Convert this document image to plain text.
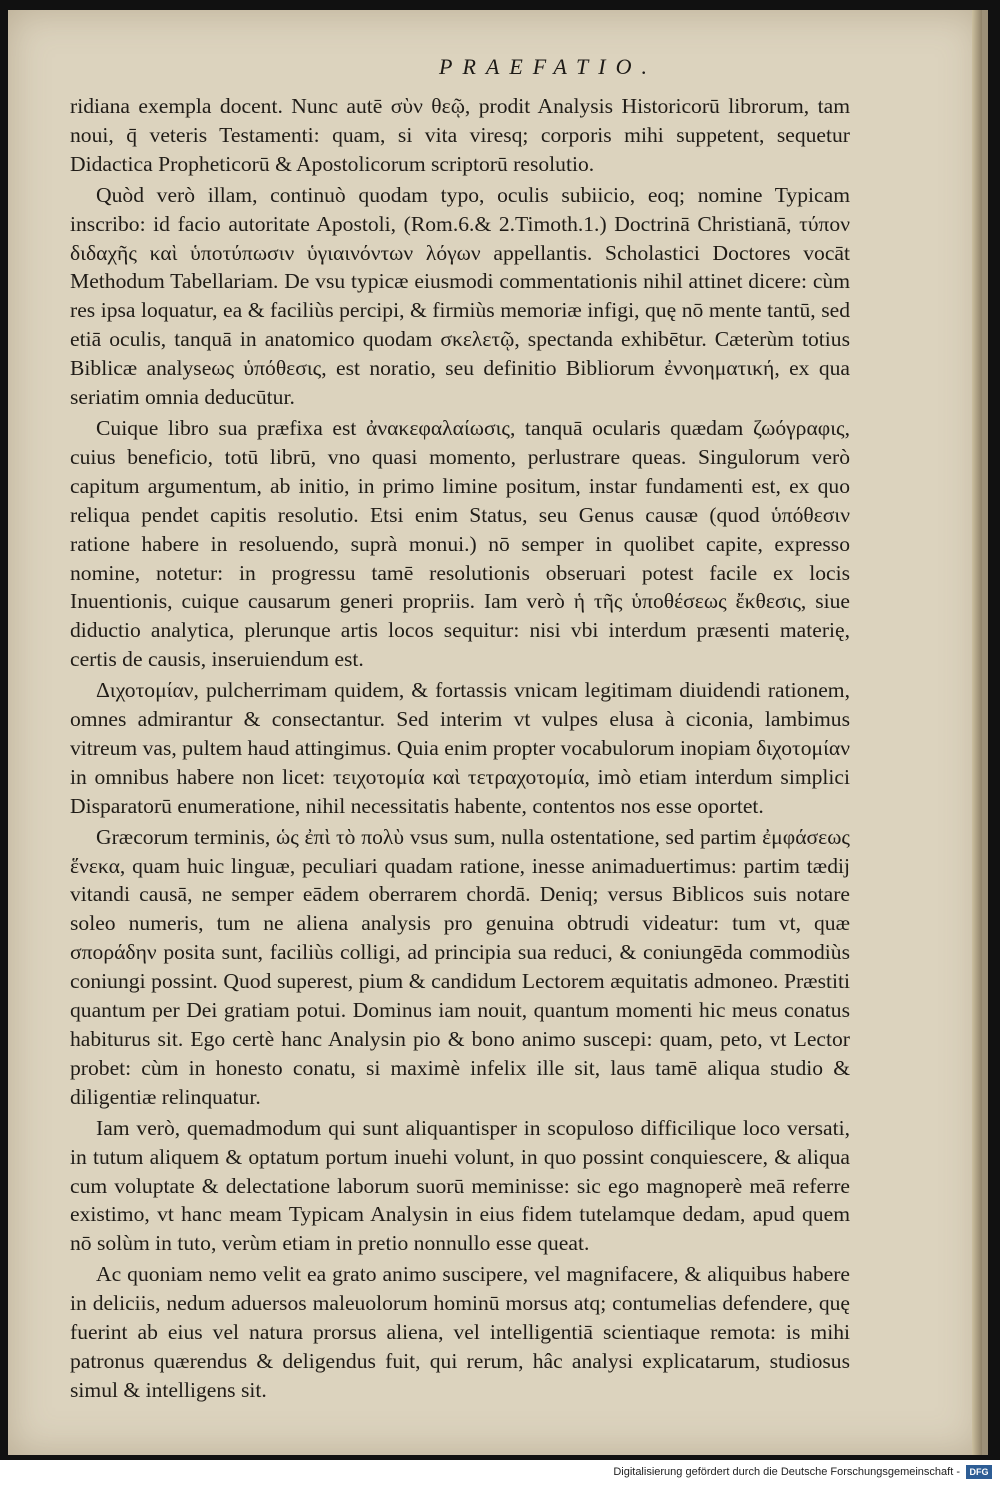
PRAEFATIO.

ridiana exempla docent. Nunc autē σὺν θεῷ, prodit Analysis Historicorū librorum, tam noui, q̄ veteris Testamenti: quam, si vita viresq; corporis mihi suppetent, sequetur Didactica Propheticorū & Apostolicorum scriptorū resolutio.

Quòd verò illam, continuò quodam typo, oculis subiicio, eoq; nomine Typicam inscribo: id facio autoritate Apostoli, (Rom.6.& 2.Timoth.1.) Doctrinā Christianā, τύπον διδαχῆς καὶ ὑποτύπωσιν ὑγιαινόντων λόγων appellantis. Scholastici Doctores vocāt Methodum Tabellariam. De vsu typicæ eiusmodi commentationis nihil attinet dicere: cùm res ipsa loquatur, ea & faciliùs percipi, & firmiùs memoriæ infigi, quę nō mente tantū, sed etiā oculis, tanquā in anatomico quodam σκελετῷ, spectanda exhibētur. Cæterùm totius Biblicæ analyseως ὑπόθεσις, est noratio, seu definitio Bibliorum ἐννοηματική, ex qua seriatim omnia deducūtur.

Cuique libro sua præfixa est ἀνακεφαλαίωσις, tanquā ocularis quædam ζωόγραφις, cuius beneficio, totū librū, vno quasi momento, perlustrare queas. Singulorum verò capitum argumentum, ab initio, in primo limine positum, instar fundamenti est, ex quo reliqua pendet capitis resolutio. Etsi enim Status, seu Genus causæ (quod ὑπόθεσιν ratione habere in resoluendo, suprà monui.) nō semper in quolibet capite, expresso nomine, notetur: in progressu tamē resolutionis obseruari potest facile ex locis Inuentionis, cuique causarum generi propriis. Iam verò ἡ τῆς ὑποθέσεως ἔκθεσις, siue diductio analytica, plerunque artis locos sequitur: nisi vbi interdum præsenti materię, certis de causis, inseruiendum est.

Διχοτομίαν, pulcherrimam quidem, & fortassis vnicam legitimam diuidendi rationem, omnes admirantur & consectantur. Sed interim vt vulpes elusa à ciconia, lambimus vitreum vas, pultem haud attingimus. Quia enim propter vocabulorum inopiam διχοτομίαν in omnibus habere non licet: τειχοτομία καὶ τετραχοτομία, imò etiam interdum simplici Disparatorū enumeratione, nihil necessitatis habente, contentos nos esse oportet.

Græcorum terminis, ὡς ἐπὶ τὸ πολὺ vsus sum, nulla ostentatione, sed partim ἐμφάσεως ἕνεκα, quam huic linguæ, peculiari quadam ratione, inesse animaduertimus: partim tædij vitandi causā, ne semper eādem oberrarem chordā. Deniq; versus Biblicos suis notare soleo numeris, tum ne aliena analysis pro genuina obtrudi videatur: tum vt, quæ σποράδην posita sunt, faciliùs colligi, ad principia sua reduci, & coniungēda commodiùs coniungi possint. Quod superest, pium & candidum Lectorem æquitatis admoneo. Præstiti quantum per Dei gratiam potui. Dominus iam nouit, quantum momenti hic meus conatus habiturus sit. Ego certè hanc Analysin pio & bono animo suscepi: quam, peto, vt Lector probet: cùm in honesto conatu, si maximè infelix ille sit, laus tamē aliqua studio & diligentiæ relinquatur.

Iam verò, quemadmodum qui sunt aliquantisper in scopuloso difficilique loco versati, in tutum aliquem & optatum portum inuehi volunt, in quo possint conquiescere, & aliqua cum voluptate & delectatione laborum suorū meminisse: sic ego magnoperè meā referre existimo, vt hanc meam Typicam Analysin in eius fidem tutelamque dedam, apud quem nō solùm in tuto, verùm etiam in pretio nonnullo esse queat.

Ac quoniam nemo velit ea grato animo suscipere, vel magnifacere, & aliquibus habere in deliciis, nedum aduersos maleuolorum hominū morsus atq; contumelias defendere, quę fuerint ab eius vel natura prorsus aliena, vel intelligentiā scientiaque remota: is mihi patronus quærendus & deligendus fuit, qui rerum, hâc analysi explicatarum, studiosus simul & intelligens sit.

Digitalisierung gefördert durch die Deutsche Forschungsgemeinschaft -	DFG
